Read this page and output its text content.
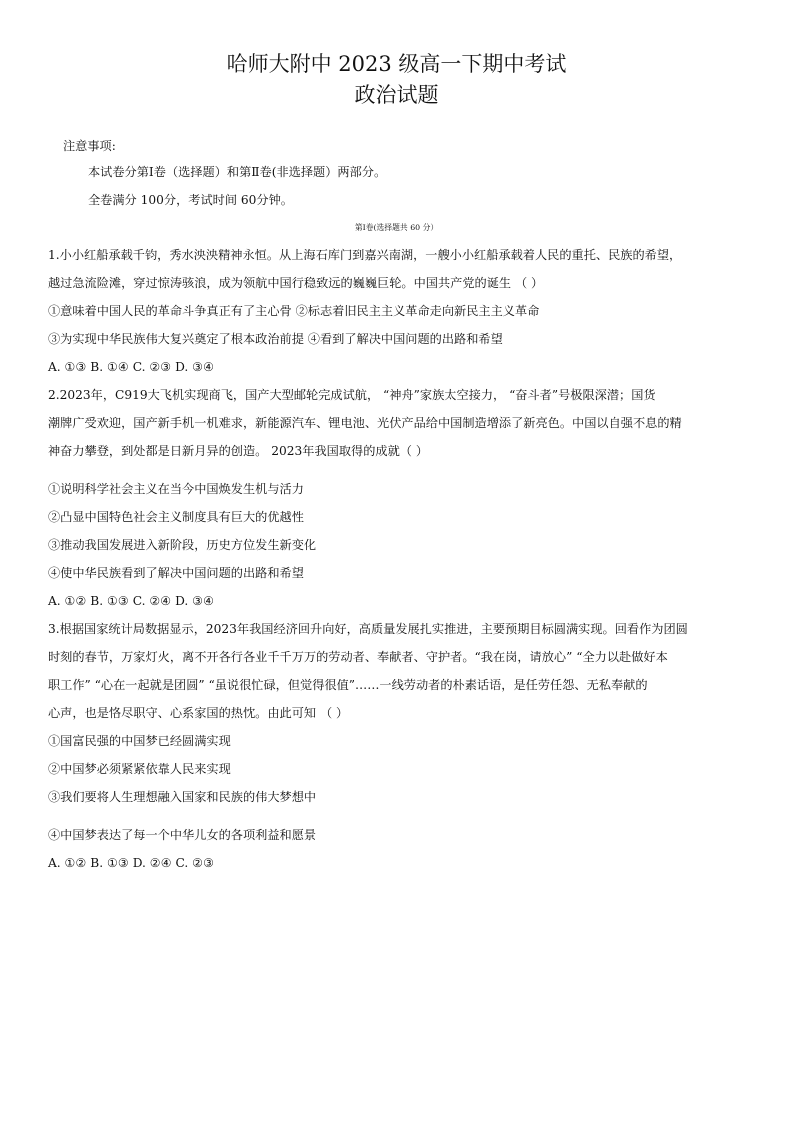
哈师大附中 2023 级高一下期中考试
政治试题
注意事项:
本试卷分第Ⅰ卷（选择题）和第Ⅱ卷(非选择题）两部分。
全卷满分 100分，考试时间 60分钟。
第Ⅰ卷(选择题共 60 分）
1.小小红船承载千钧，秀水泱泱精神永恒。从上海石库门到嘉兴南湖，一艘小小红船承载着人民的重托、民族的希望，
越过急流险滩，穿过惊涛骇浪，成为领航中国行稳致远的巍巍巨轮。中国共产党的诞生 （ ）
①意味着中国人民的革命斗争真正有了主心骨 ②标志着旧民主主义革命走向新民主主义革命
③为实现中华民族伟大复兴奠定了根本政治前提 ④看到了解决中国问题的出路和希望
A. ①③ B. ①④ C. ②③ D. ③④
2.2023年，C919大飞机实现商飞，国产大型邮轮完成试航， “神舟”家族太空接力， “奋斗者”号极限深潜；国货
潮牌广受欢迎，国产新手机一机难求，新能源汽车、锂电池、光伏产品给中国制造增添了新亮色。中国以自强不息的精
神奋力攀登，到处都是日新月异的创造。 2023年我国取得的成就（ ）
①说明科学社会主义在当今中国焕发生机与活力
②凸显中国特色社会主义制度具有巨大的优越性
③推动我国发展进入新阶段，历史方位发生新变化
④使中华民族看到了解决中国问题的出路和希望
A. ①② B. ①③ C. ②④ D. ③④
3.根据国家统计局数据显示，2023年我国经济回升向好，高质量发展扎实推进，主要预期目标圆满实现。回看作为团圆
时刻的春节，万家灯火，离不开各行各业千千万万的劳动者、奉献者、守护者。“我在岗，请放心” “全力以赴做好本
职工作” “心在一起就是团圆” “虽说很忙碌，但觉得很值”……一线劳动者的朴素话语，是任劳任怨、无私奉献的
心声，也是恪尽职守、心系家国的热忱。由此可知 （ ）
①国富民强的中国梦已经圆满实现
②中国梦必须紧紧依靠人民来实现
③我们要将人生理想融入国家和民族的伟大梦想中
④中国梦表达了每一个中华儿女的各项利益和愿景
A. ①② B. ①③ D. ②④ C. ②③
